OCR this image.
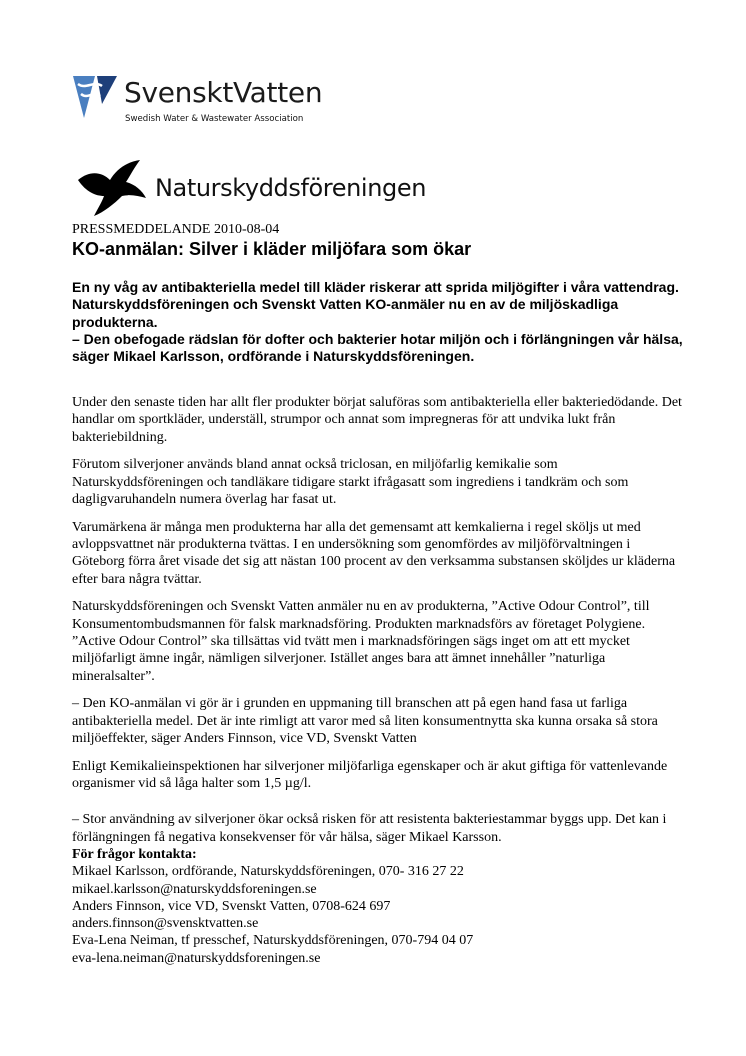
SvensktVatten
Swedish Water & Wastewater Association
Naturskyddsföreningen
PRESSMEDDELANDE 2010-08-04
KO-anmälan: Silver i kläder miljöfara som ökar

En ny våg av antibakteriella medel till kläder riskerar att sprida miljögifter i våra vattendrag. Naturskyddsföreningen och Svenskt Vatten KO-anmäler nu en av de miljöskadliga produkterna.

– Den obefogade rädslan för dofter och bakterier hotar miljön och i förlängningen vår hälsa, säger Mikael Karlsson, ordförande i Naturskyddsföreningen.

Under den senaste tiden har allt fler produkter börjat saluföras som antibakteriella eller bakteriedödande. Det handlar om sportkläder, underställ, strumpor och annat som impregneras för att undvika lukt från bakteriebildning.

Förutom silverjoner används bland annat också triclosan, en miljöfarlig kemikalie som Naturskyddsföreningen och tandläkare tidigare starkt ifrågasatt som ingrediens i tandkräm och som dagligvaruhandeln numera överlag har fasat ut.

Varumärkena är många men produkterna har alla det gemensamt att kemkalierna i regel sköljs ut med avloppsvattnet när produkterna tvättas. I en undersökning som genomfördes av miljöförvaltningen i Göteborg förra året visade det sig att nästan 100 procent av den verksamma substansen sköljdes ur kläderna efter bara några tvättar.

Naturskyddsföreningen och Svenskt Vatten anmäler nu en av produkterna, ”Active Odour Control”, till Konsumentombudsmannen för falsk marknadsföring. Produkten marknadsförs av företaget Polygiene. ”Active Odour Control” ska tillsättas vid tvätt men i marknadsföringen sägs inget om att ett mycket miljöfarligt ämne ingår, nämligen silverjoner. Istället anges bara att ämnet innehåller ”naturliga mineralsalter”.

– Den KO-anmälan vi gör är i grunden en uppmaning till branschen att på egen hand fasa ut farliga antibakteriella medel. Det är inte rimligt att varor med så liten konsumentnytta ska kunna orsaka så stora miljöeffekter, säger Anders Finnson, vice VD, Svenskt Vatten

Enligt Kemikalieinspektionen har silverjoner miljöfarliga egenskaper och är akut giftiga för vattenlevande organismer vid så låga halter som 1,5 µg/l.

– Stor användning av silverjoner ökar också risken för att resistenta bakteriestammar byggs upp. Det kan i förlängningen få negativa konsekvenser för vår hälsa, säger Mikael Karsson.

För frågor kontakta:
Mikael Karlsson, ordförande, Naturskyddsföreningen, 070- 316 27 22
mikael.karlsson@naturskyddsforeningen.se
Anders Finnson, vice VD, Svenskt Vatten, 0708-624 697
anders.finnson@svensktvatten.se
Eva-Lena Neiman, tf presschef, Naturskyddsföreningen, 070-794 04 07
eva-lena.neiman@naturskyddsforeningen.se
